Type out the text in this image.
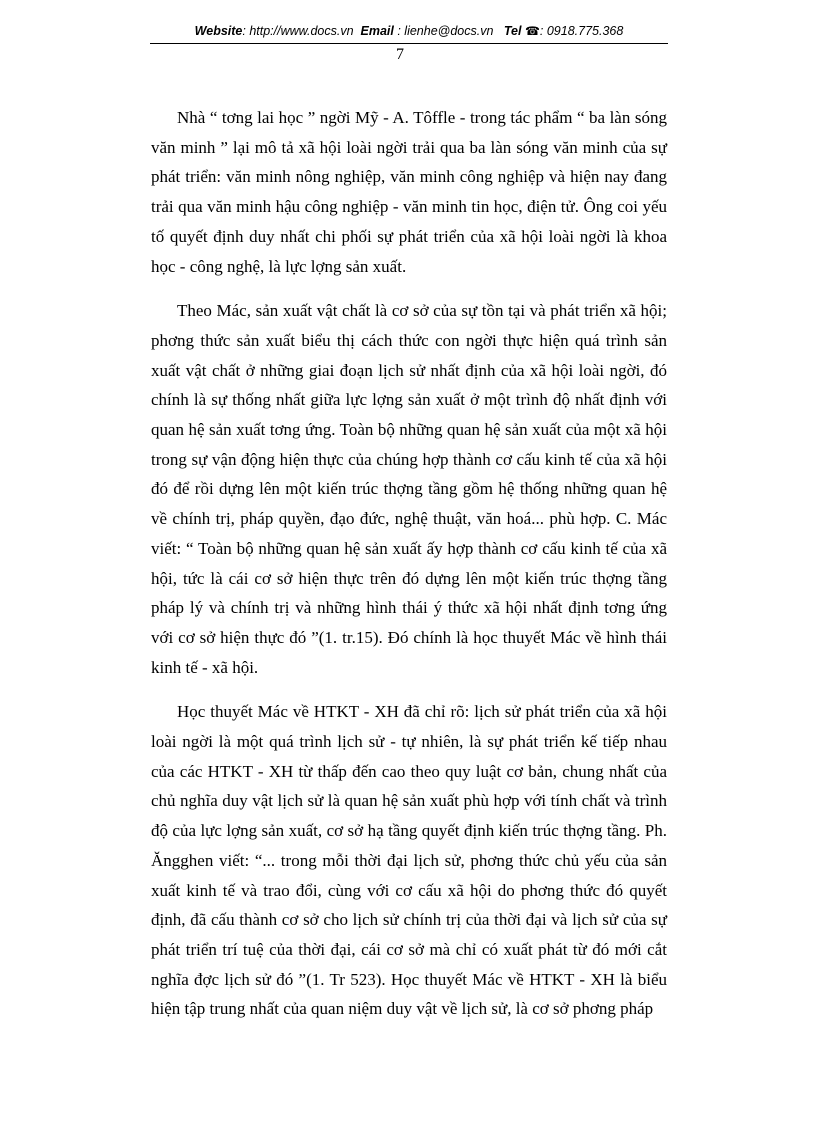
Website: http://www.docs.vn Email : lienhe@docs.vn Tel ☎: 0918.775.368
7

Nhà “ tơng lai học ” ngời Mỹ - A. Tôffle - trong tác phẩm “ ba làn sóng văn minh ” lại mô tả xã hội loài ngời trải qua ba làn sóng văn minh của sự phát triển: văn minh nông nghiệp, văn minh công nghiệp và hiện nay đang trải qua văn minh hậu công nghiệp - văn minh tin học, điện tử. Ông coi yếu tố quyết định duy nhất chi phối sự phát triển của xã hội loài ngời là khoa học - công nghệ, là lực lợng sản xuất.

Theo Mác, sản xuất vật chất là cơ sở của sự tồn tại và phát triển xã hội; phơng thức sản xuất biểu thị cách thức con ngời thực hiện quá trình sản xuất vật chất ở những giai đoạn lịch sử nhất định của xã hội loài ngời, đó chính là sự thống nhất giữa lực lợng sản xuất ở một trình độ nhất định với quan hệ sản xuất tơng ứng. Toàn bộ những quan hệ sản xuất của một xã hội trong sự vận động hiện thực của chúng hợp thành cơ cấu kinh tế của xã hội đó để rồi dựng lên một kiến trúc thợng tầng gồm hệ thống những quan hệ về chính trị, pháp quyền, đạo đức, nghệ thuật, văn hoá... phù hợp. C. Mác viết: “ Toàn bộ những quan hệ sản xuất ấy hợp thành cơ cấu kinh tế của xã hội, tức là cái cơ sở hiện thực trên đó dựng lên một kiến trúc thợng tầng pháp lý và chính trị và những hình thái ý thức xã hội nhất định tơng ứng với cơ sở hiện thực đó ”(1. tr.15). Đó chính là học thuyết Mác về hình thái kinh tế - xã hội.

Học thuyết Mác về HTKT - XH đã chỉ rõ: lịch sử phát triển của xã hội loài ngời là một quá trình lịch sử - tự nhiên, là sự phát triển kế tiếp nhau của các HTKT - XH từ thấp đến cao theo quy luật cơ bản, chung nhất của chủ nghĩa duy vật lịch sử là quan hệ sản xuất phù hợp với tính chất và trình độ của lực lợng sản xuất, cơ sở hạ tầng quyết định kiến trúc thợng tầng. Ph. Ăngghen viết: “... trong mỗi thời đại lịch sử, phơng thức chủ yếu của sản xuất kinh tế và trao đổi, cùng với cơ cấu xã hội do phơng thức đó quyết định, đã cấu thành cơ sở cho lịch sử chính trị của thời đại và lịch sử của sự phát triển trí tuệ của thời đại, cái cơ sở mà chỉ có xuất phát từ đó mới cắt nghĩa đợc lịch sử đó ”(1. Tr 523). Học thuyết Mác về HTKT - XH là biểu hiện tập trung nhất của quan niệm duy vật về lịch sử, là cơ sở phơng pháp
